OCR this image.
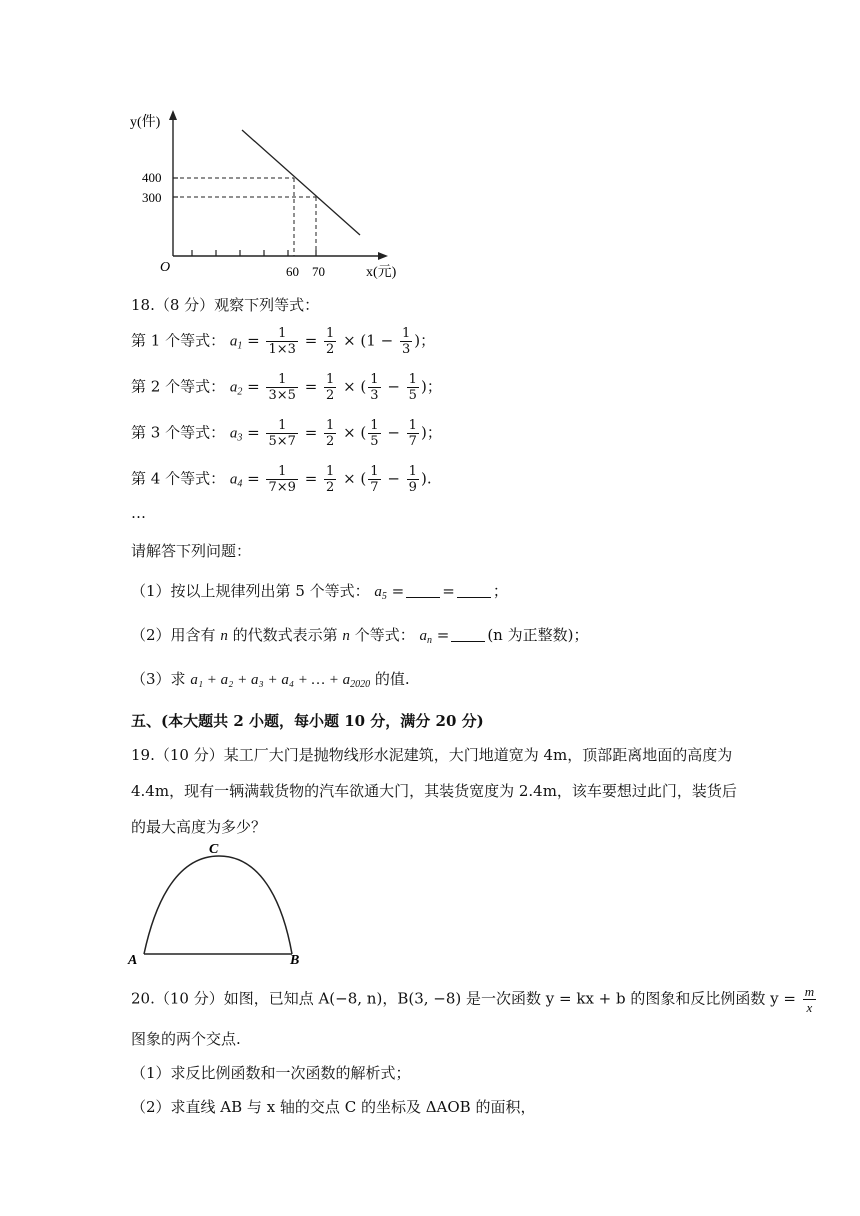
y(件)
400
300
O	60 70	x(元)
18.（8 分）观察下列等式：
第 1 个等式： $a_1 = \frac{1}{1\times 3} = \frac{1}{2} \times (1 - \frac{1}{3}$ )；
第 2 个等式： $a_2 = \frac{1}{3\times 5} = \frac{1}{2}$ × ( $\frac{1}{3} - \frac{1}{5}$ )；
第 3 个等式： $a_3 = \frac{1}{5\times 7} = \frac{1}{2}$ × ( $\frac{1}{5} - \frac{1}{7}$ )；
第 4 个等式： $a_4 = \frac{1}{7\times 9} = \frac{1}{2}$ × ( $\frac{1}{7} - \frac{1}{9}$ ).
…
请解答下列问题：
（1）按以上规律列出第 5 个等式： $a_5$ =	=	；
（2）用含有 n 的代数式表示第 n 个等式： $a_n$ =	(n 为正整数)；
（3）求 a₁ + a₂ + a₃ + a₄ + … + $a_{2020}$ 的值.
五、(本大题共 2 小题，每小题 10 分，满分 20 分)
19.（10 分）某工厂大门是抛物线形水泥建筑，大门地道宽为 4m，顶部距离地面的高度为
4.4m，现有一辆满载货物的汽车欲通大门，其装货宽度为 2.4m，该车要想过此门，装货后
的最大高度为多少？
C
A	B
20.（10 分）如图，已知点 A(−8, n)，B(3, −8) 是一次函数 y = kx + b 的图象和反比例函数 $y = \frac{m}{x}$
图象的两个交点.
（1）求反比例函数和一次函数的解析式；
（2）求直线 AB 与 x 轴的交点 C 的坐标及 ΔAOB 的面积，
